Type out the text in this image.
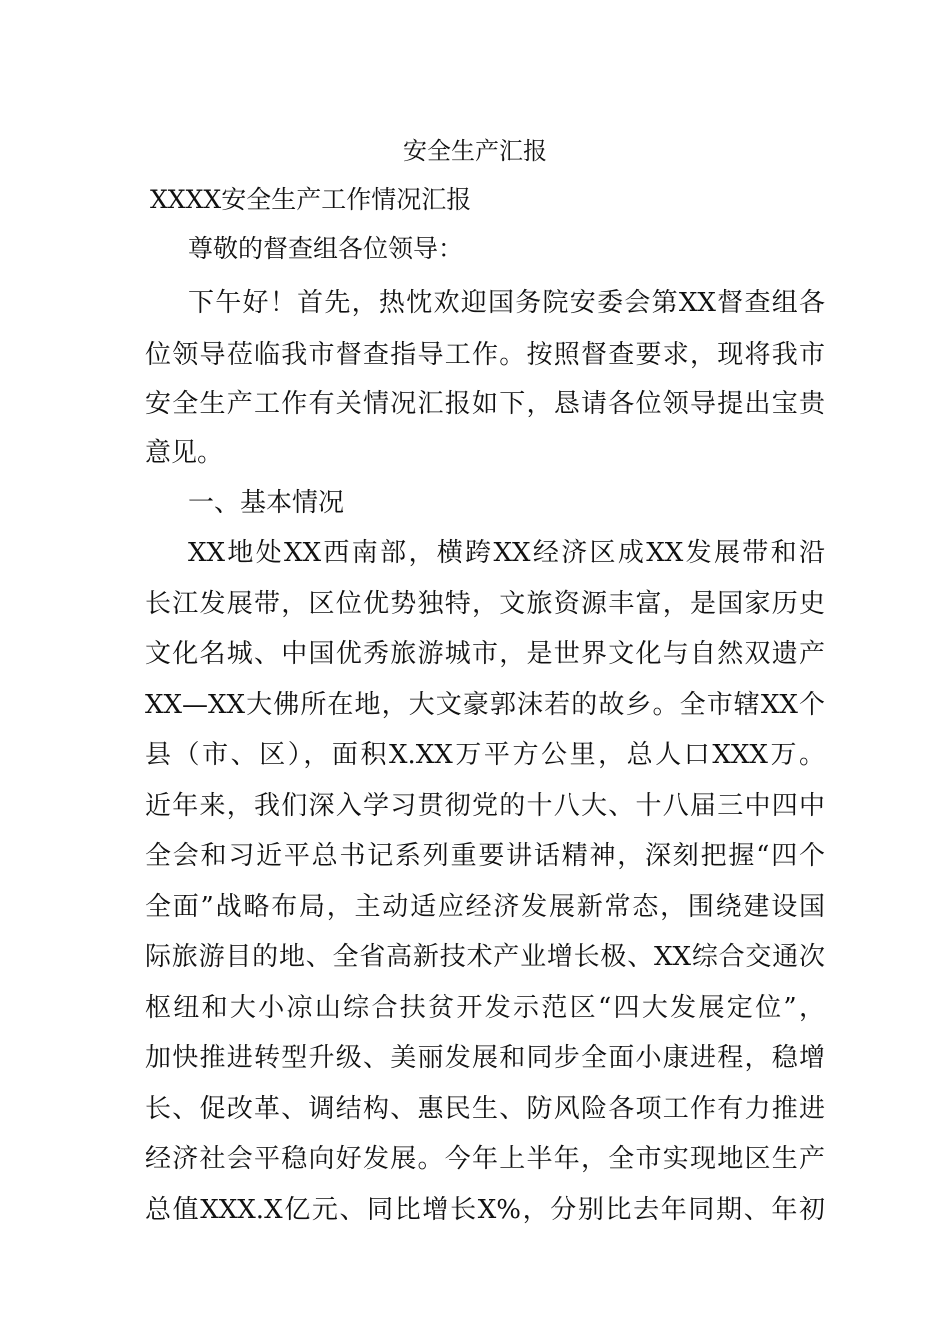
安全生产汇报
XXXX安全生产工作情况汇报
尊敬的督查组各位领导：
下午好！首先，热忱欢迎国务院安委会第XX督查组各
位领导莅临我市督查指导工作。按照督查要求，现将我市
安全生产工作有关情况汇报如下，恳请各位领导提出宝贵
意见。
一、基本情况
XX地处XX西南部，横跨XX经济区成XX发展带和沿
长江发展带，区位优势独特，文旅资源丰富，是国家历史
文化名城、中国优秀旅游城市，是世界文化与自然双遗产
XX—XX大佛所在地，大文豪郭沫若的故乡。全市辖XX个
县（市、区），面积X.XX万平方公里，总人口XXX万。
近年来，我们深入学习贯彻党的十八大、十八届三中四中
全会和习近平总书记系列重要讲话精神，深刻把握“四个
全面”战略布局，主动适应经济发展新常态，围绕建设国
际旅游目的地、全省高新技术产业增长极、XX综合交通次
枢纽和大小凉山综合扶贫开发示范区“四大发展定位”，
加快推进转型升级、美丽发展和同步全面小康进程，稳增
长、促改革、调结构、惠民生、防风险各项工作有力推进
经济社会平稳向好发展。今年上半年，全市实现地区生产
总值XXX.X亿元、同比增长X%，分别比去年同期、年初
